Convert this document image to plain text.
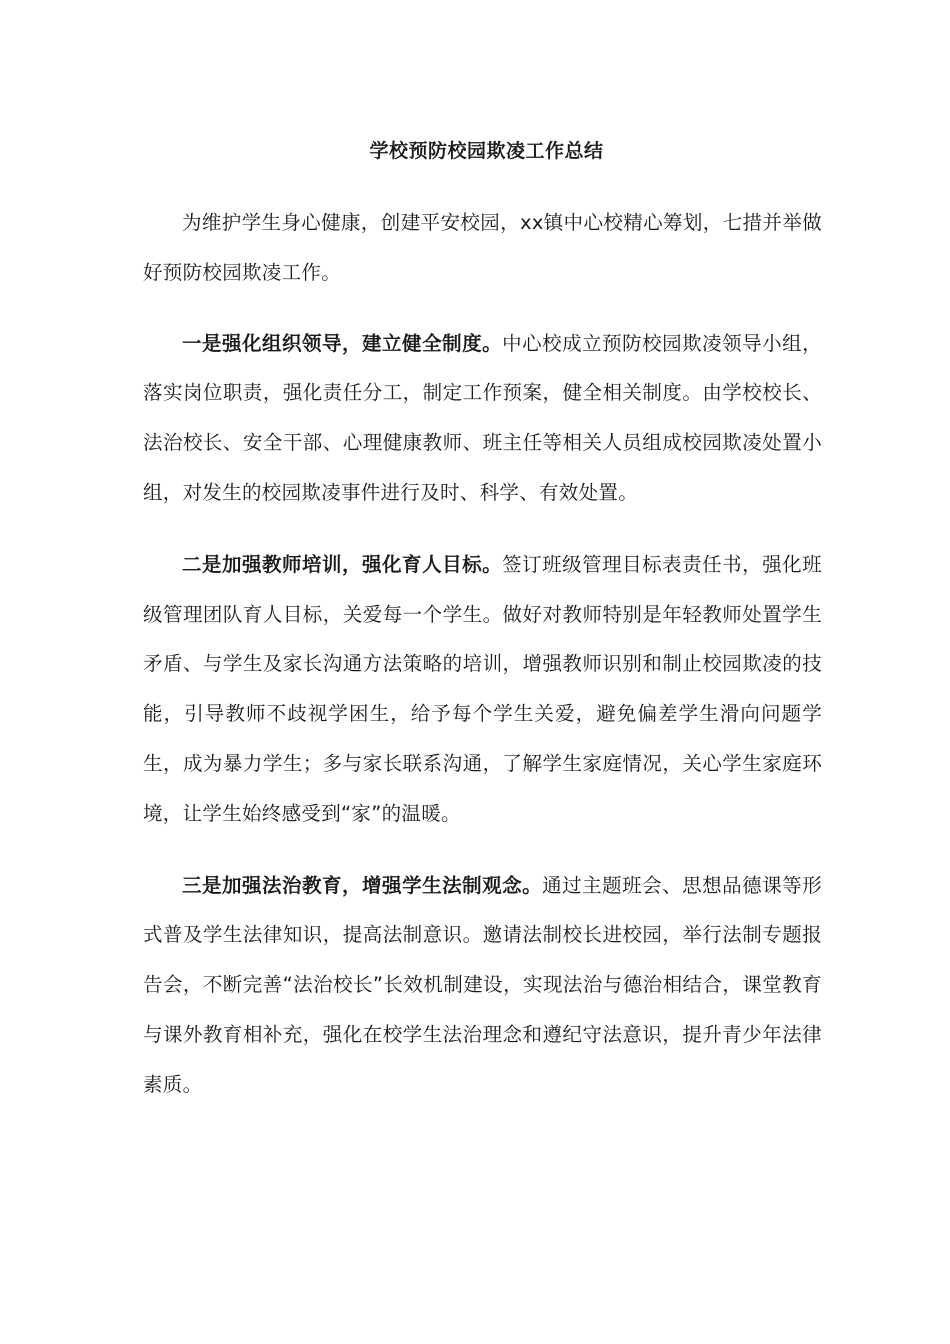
学校预防校园欺凌工作总结

为维护学生身心健康，创建平安校园，xx镇中心校精心筹划，七措并举做好预防校园欺凌工作。

一是强化组织领导，建立健全制度。中心校成立预防校园欺凌领导小组，落实岗位职责，强化责任分工，制定工作预案，健全相关制度。由学校校长、法治校长、安全干部、心理健康教师、班主任等相关人员组成校园欺凌处置小组，对发生的校园欺凌事件进行及时、科学、有效处置。

二是加强教师培训，强化育人目标。签订班级管理目标表责任书，强化班级管理团队育人目标，关爱每一个学生。做好对教师特别是年轻教师处置学生矛盾、与学生及家长沟通方法策略的培训，增强教师识别和制止校园欺凌的技能，引导教师不歧视学困生，给予每个学生关爱，避免偏差学生滑向问题学生，成为暴力学生；多与家长联系沟通，了解学生家庭情况，关心学生家庭环境，让学生始终感受到“家”的温暖。

三是加强法治教育，增强学生法制观念。通过主题班会、思想品德课等形式普及学生法律知识，提高法制意识。邀请法制校长进校园，举行法制专题报告会，不断完善“法治校长”长效机制建设，实现法治与德治相结合，课堂教育与课外教育相补充，强化在校学生法治理念和遵纪守法意识，提升青少年法律素质。
